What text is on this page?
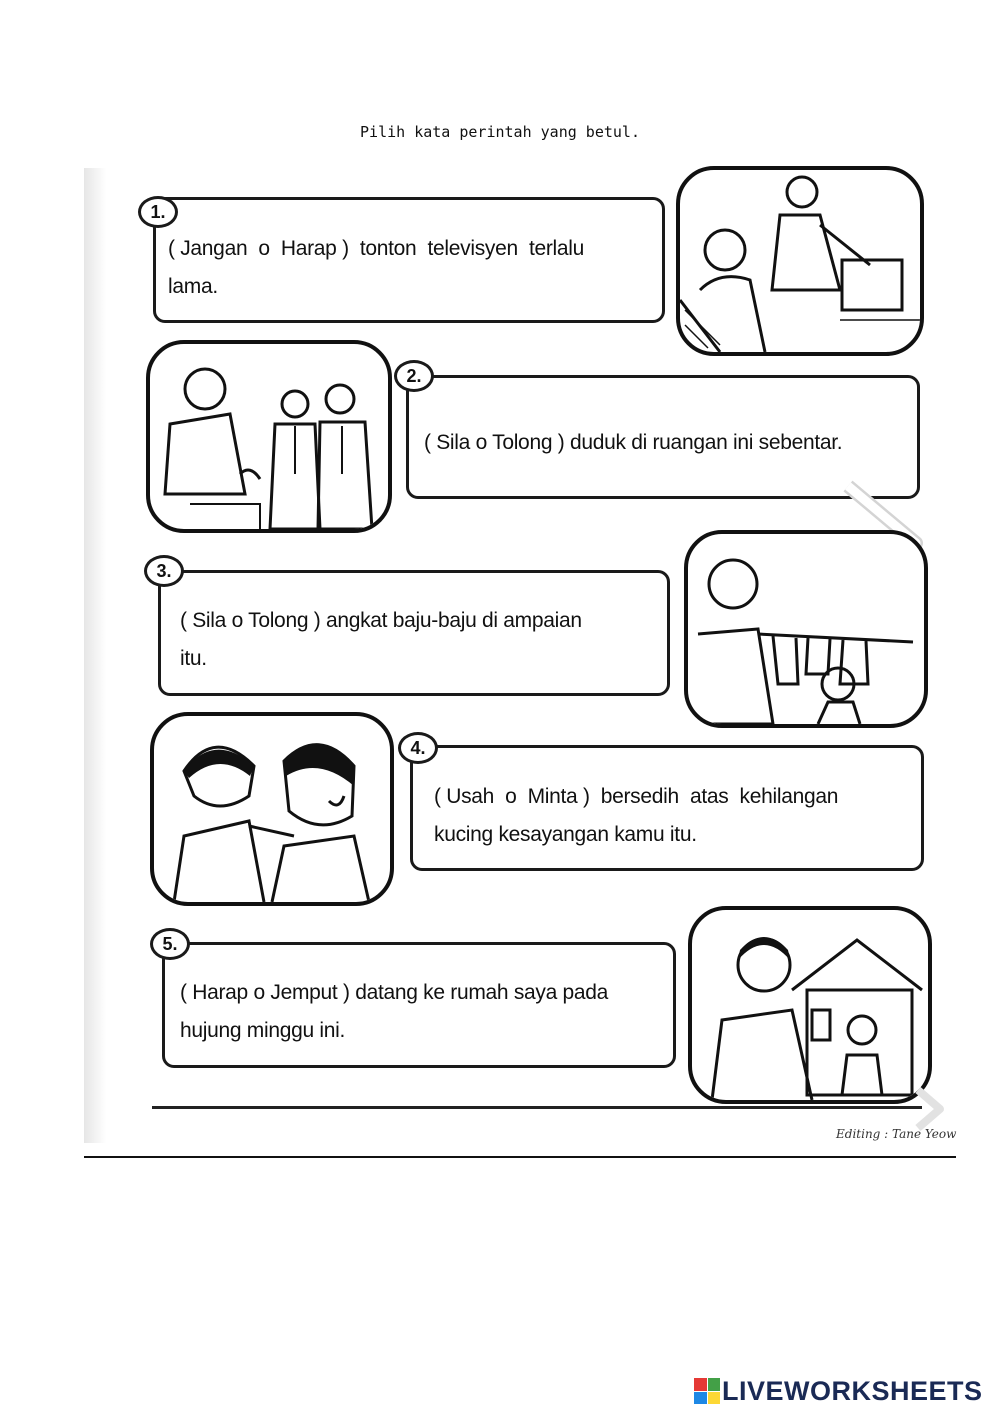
Pilih kata perintah yang betul.
1.
( Jangan  o  Harap )  tonton  televisyen  terlalu
lama.
2.
( Sila o Tolong ) duduk di ruangan ini sebentar.
3.
( Sila o Tolong ) angkat baju-baju di ampaian
itu.
4.
( Usah  o  Minta )  bersedih  atas  kehilangan
kucing kesayangan kamu itu.
5.
( Harap o Jemput ) datang ke rumah saya pada
hujung minggu ini.
Editing : Tane Yeow
LIVEWORKSHEETS
